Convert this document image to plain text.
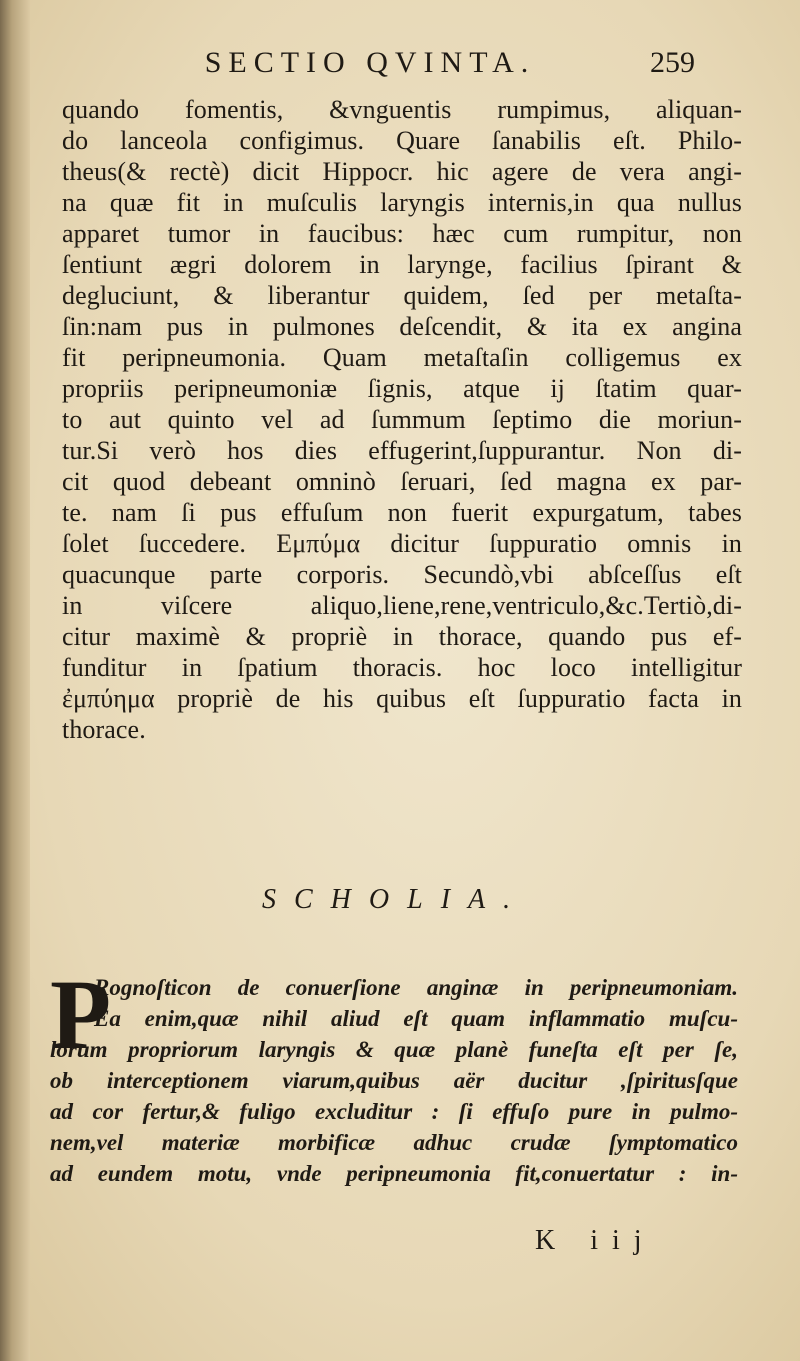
SECTIO QVINTA.	259
quando fomentis, &vnguentis rumpimus, aliquan-
do lanceola configimus. Quare ſanabilis eſt. Philo-
theus(& rectè) dicit Hippocr. hic agere de vera angi-
na quæ fit in muſculis laryngis internis,in qua nullus
apparet tumor in faucibus: hæc cum rumpitur, non
ſentiunt ægri dolorem in larynge, facilius ſpirant &
degluciunt, & liberantur quidem, ſed per metaſta-
ſin:nam pus in pulmones deſcendit, & ita ex angina
fit peripneumonia. Quam metaſtaſin colligemus ex
propriis peripneumoniæ ſignis, atque ij ſtatim quar-
to aut quinto vel ad ſummum ſeptimo die moriun-
tur.Si verò hos dies effugerint,ſuppurantur. Non di-
cit quod debeant omninò ſeruari, ſed magna ex par-
te. nam ſi pus effuſum non fuerit expurgatum, tabes
ſolet ſuccedere. Εμπύμα dicitur ſuppuratio omnis in
quacunque parte corporis. Secundò,vbi abſceſſus eſt
in viſcere aliquo,liene,rene,ventriculo,&c.Tertiò,di-
citur maximè & propriè in thorace, quando pus ef-
funditur in ſpatium thoracis. hoc loco intelligitur
ἐμπύημα propriè de his quibus eſt ſuppuratio facta in
thorace.
SCHOLIA.
P
Rognoſticon de conuerſione anginæ in peripneumoniam.
Ea enim,quæ nihil aliud eſt quam inflammatio muſcu-
lorum propriorum laryngis & quæ planè funeſta eſt per ſe,
ob interceptionem viarum,quibus aër ducitur ,ſpiritusſque
ad cor fertur,& fuligo excluditur : ſi effuſo pure in pulmo-
nem,vel materiæ morbificæ adhuc crudæ ſymptomatico
ad eundem motu, vnde peripneumonia fit,conuertatur : in-
K iij
